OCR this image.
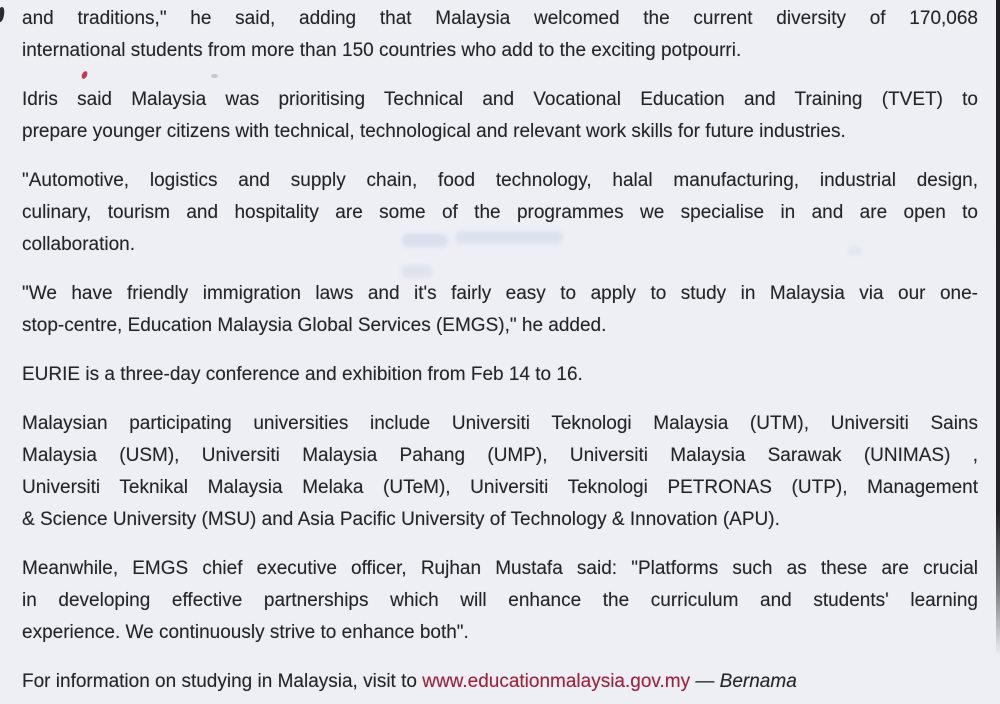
and traditions," he said, adding that Malaysia welcomed the current diversity of 170,068
international students from more than 150 countries who add to the exciting potpourri.

Idris said Malaysia was prioritising Technical and Vocational Education and Training (TVET) to
prepare younger citizens with technical, technological and relevant work skills for future industries.

"Automotive, logistics and supply chain, food technology, halal manufacturing, industrial design,
culinary, tourism and hospitality are some of the programmes we specialise in and are open to
collaboration.

"We have friendly immigration laws and it's fairly easy to apply to study in Malaysia via our one-
stop-centre, Education Malaysia Global Services (EMGS)," he added.

EURIE is a three-day conference and exhibition from Feb 14 to 16.

Malaysian participating universities include Universiti Teknologi Malaysia (UTM), Universiti Sains
Malaysia (USM), Universiti Malaysia Pahang (UMP), Universiti Malaysia Sarawak (UNIMAS) ,
Universiti Teknikal Malaysia Melaka (UTeM), Universiti Teknologi PETRONAS (UTP), Management
& Science University (MSU) and Asia Pacific University of Technology & Innovation (APU).

Meanwhile, EMGS chief executive officer, Rujhan Mustafa said: "Platforms such as these are crucial
in developing effective partnerships which will enhance the curriculum and students' learning
experience. We continuously strive to enhance both".

For information on studying in Malaysia, visit to www.educationmalaysia.gov.my — Bernama
